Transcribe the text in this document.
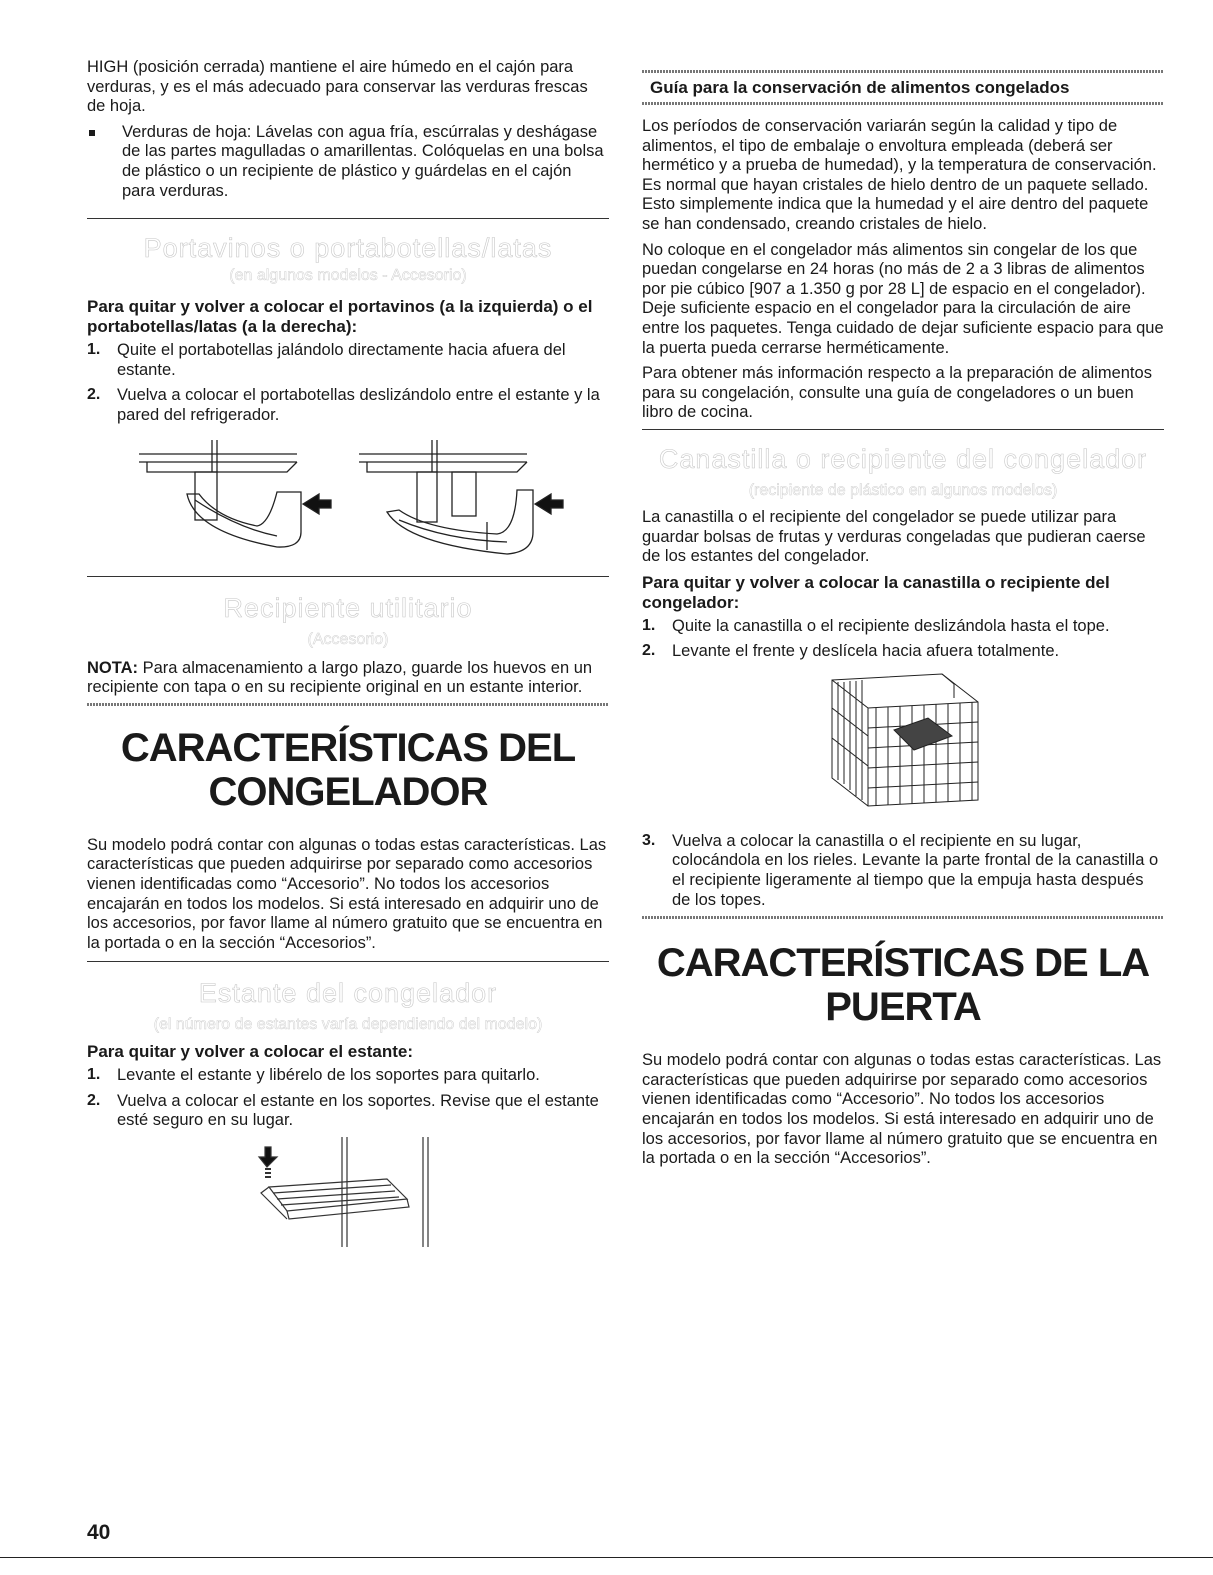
HIGH (posición cerrada) mantiene el aire húmedo en el cajón para verduras, y es el más adecuado para conservar las verduras frescas de hoja.

Verduras de hoja: Lávelas con agua fría, escúrralas y deshágase de las partes magulladas o amarillentas. Colóquelas en una bolsa de plástico o un recipiente de plástico y guárdelas en el cajón para verduras.

Portavinos o portabotellas/latas
(en algunos modelos - Accesorio)

Para quitar y volver a colocar el portavinos (a la izquierda) o el portabotellas/latas (a la derecha):

1. Quite el portabotellas jalándolo directamente hacia afuera del estante.

2. Vuelva a colocar el portabotellas deslizándolo entre el estante y la pared del refrigerador.

Recipiente utilitario
(Accesorio)

NOTA: Para almacenamiento a largo plazo, guarde los huevos en un recipiente con tapa o en su recipiente original en un estante interior.

CARACTERÍSTICAS DEL
CONGELADOR

Su modelo podrá contar con algunas o todas estas características. Las características que pueden adquirirse por separado como accesorios vienen identificadas como “Accesorio”. No todos los accesorios encajarán en todos los modelos. Si está interesado en adquirir uno de los accesorios, por favor llame al número gratuito que se encuentra en la portada o en la sección “Accesorios”.

Estante del congelador
(el número de estantes varía dependiendo del modelo)

Para quitar y volver a colocar el estante:

1. Levante el estante y libérelo de los soportes para quitarlo.

2. Vuelva a colocar el estante en los soportes. Revise que el estante esté seguro en su lugar.

Guía para la conservación de alimentos congelados

Los períodos de conservación variarán según la calidad y tipo de alimentos, el tipo de embalaje o envoltura empleada (deberá ser hermético y a prueba de humedad), y la temperatura de conservación. Es normal que hayan cristales de hielo dentro de un paquete sellado. Esto simplemente indica que la humedad y el aire dentro del paquete se han condensado, creando cristales de hielo.

No coloque en el congelador más alimentos sin congelar de los que puedan congelarse en 24 horas (no más de 2 a 3 libras de alimentos por pie cúbico [907 a 1.350 g por 28 L] de espacio en el congelador). Deje suficiente espacio en el congelador para la circulación de aire entre los paquetes. Tenga cuidado de dejar suficiente espacio para que la puerta pueda cerrarse herméticamente.

Para obtener más información respecto a la preparación de alimentos para su congelación, consulte una guía de congeladores o un buen libro de cocina.

Canastilla o recipiente del congelador
(recipiente de plástico en algunos modelos)

La canastilla o el recipiente del congelador se puede utilizar para guardar bolsas de frutas y verduras congeladas que pudieran caerse de los estantes del congelador.

Para quitar y volver a colocar la canastilla o recipiente del congelador:

1. Quite la canastilla o el recipiente deslizándola hasta el tope.

2. Levante el frente y deslícela hacia afuera totalmente.

3. Vuelva a colocar la canastilla o el recipiente en su lugar, colocándola en los rieles. Levante la parte frontal de la canastilla o el recipiente ligeramente al tiempo que la empuja hasta después de los topes.

CARACTERÍSTICAS DE LA
PUERTA

Su modelo podrá contar con algunas o todas estas características. Las características que pueden adquirirse por separado como accesorios vienen identificadas como “Accesorio”. No todos los accesorios encajarán en todos los modelos. Si está interesado en adquirir uno de los accesorios, por favor llame al número gratuito que se encuentra en la portada o en la sección “Accesorios”.

40
